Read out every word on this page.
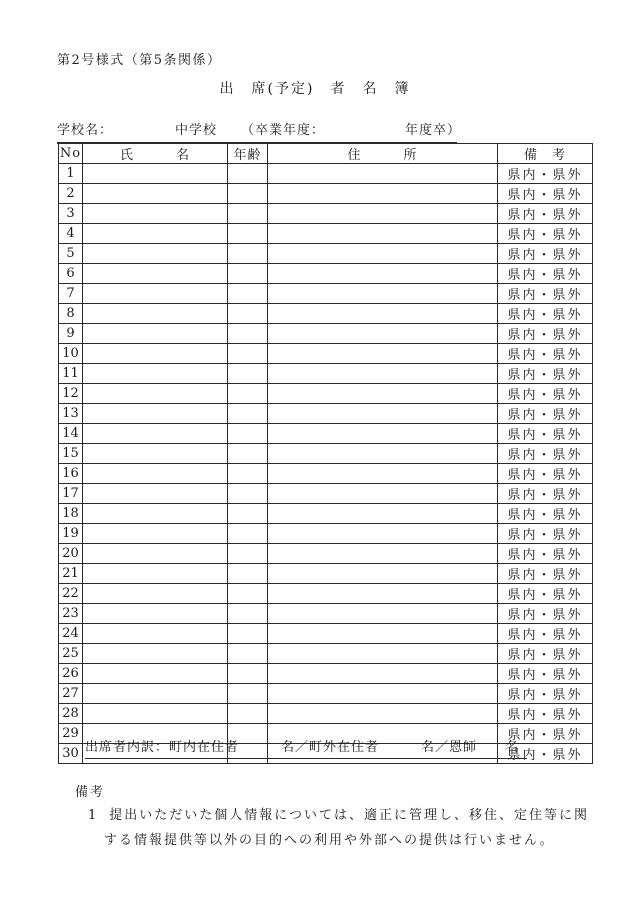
第2号様式（第5条関係）
出　席(予定)　者　名　簿
学校名：	中学校 （卒業年度：	年度卒）
No	氏　　　名	年齢	住　　　所	備　考
1				県内・県外
2				県内・県外
3				県内・県外
4				県内・県外
5				県内・県外
6				県内・県外
7				県内・県外
8				県内・県外
9				県内・県外
10				県内・県外
11				県内・県外
12				県内・県外
13				県内・県外
14				県内・県外
15				県内・県外
16				県内・県外
17				県内・県外
18				県内・県外
19				県内・県外
20				県内・県外
21				県内・県外
22				県内・県外
23				県内・県外
24				県内・県外
25				県内・県外
26				県内・県外
27				県内・県外
28				県内・県外
29				県内・県外
30				県内・県外
出席者内訳：町内在住者　　　名／町外在住者　　　名／恩師　　名
備考
1 提出いただいた個人情報については、適正に管理し、移住、定住等に関
する情報提供等以外の目的への利用や外部への提供は行いません。
